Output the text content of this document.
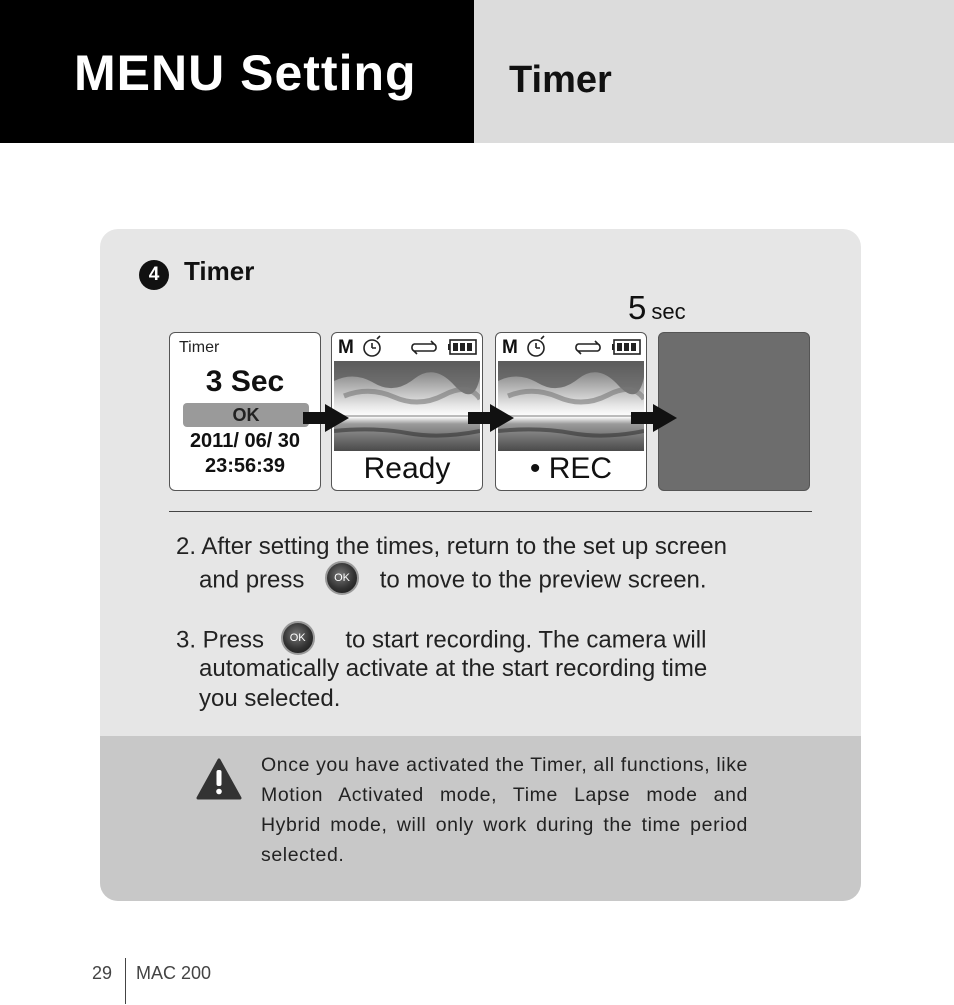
MENU Setting Timer
4 Timer
5 sec
Timer
3 Sec
OK
2011/ 06/ 30
23:56:39
M
Ready
M
• REC
2. After setting the times, return to the set up screen
and press	OK to move to the preview screen.
3. Press OK to start recording. The camera will
automatically activate at the start recording time
you selected.
Once you have activated the Timer, all functions, like Motion Activated mode, Time Lapse mode and Hybrid mode, will only work during the time period selected.
29 MAC 200
